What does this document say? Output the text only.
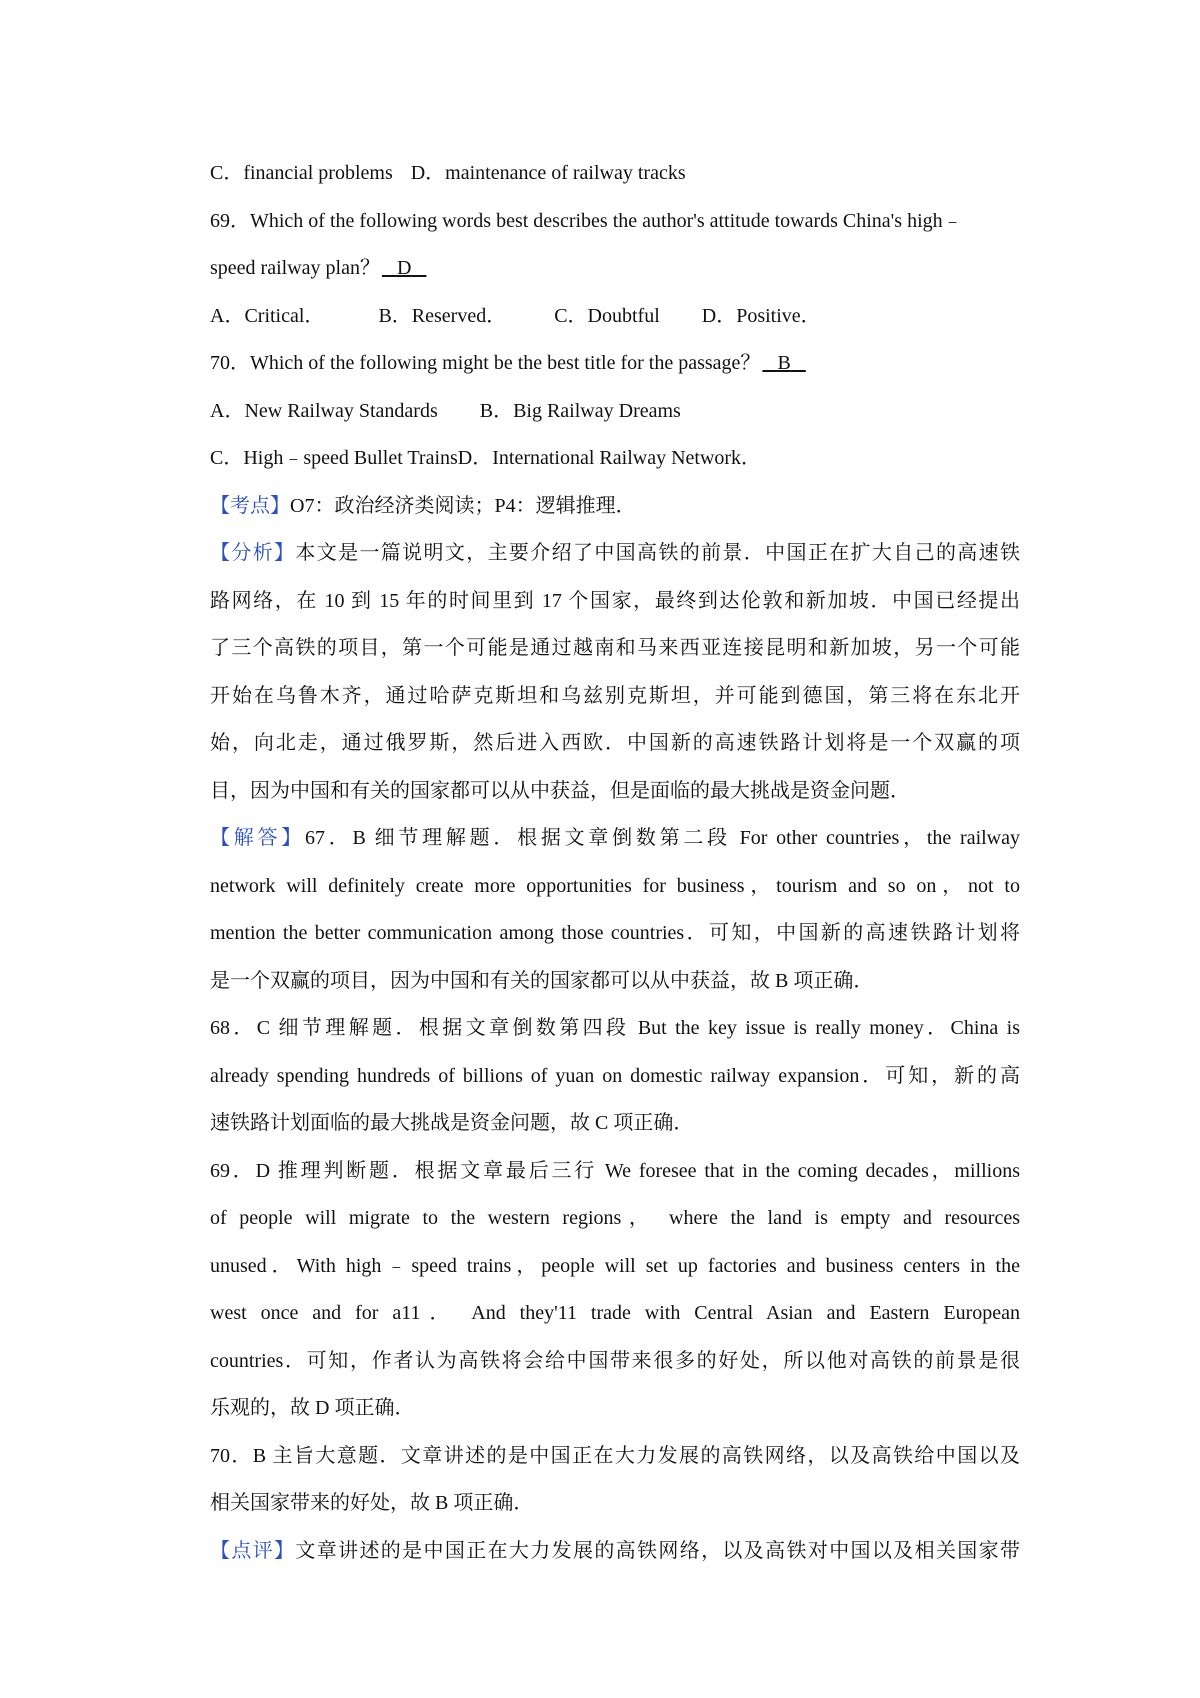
C．financial problems D．maintenance of railway tracks
69．Which of the following words best describes the author's attitude towards China's high﹣
speed railway plan？ D
A．Critical．	B．Reserved． C．Doubtful D．Positive．
70．Which of the following might be the best title for the passage？ B
A．New Railway Standards B．Big Railway Dreams
C．High﹣speed Bullet TrainsD．International Railway Network．
【考点】O7：政治经济类阅读；P4：逻辑推理．
【分析】本文是一篇说明文，主要介绍了中国高铁的前景．中国正在扩大自己的高速铁
路网络，在 10 到 15 年的时间里到 17 个国家，最终到达伦敦和新加坡．中国已经提出
了三个高铁的项目，第一个可能是通过越南和马来西亚连接昆明和新加坡，另一个可能
开始在乌鲁木齐，通过哈萨克斯坦和乌兹别克斯坦，并可能到德国，第三将在东北开
始，向北走，通过俄罗斯，然后进入西欧．中国新的高速铁路计划将是一个双赢的项
目，因为中国和有关的国家都可以从中获益，但是面临的最大挑战是资金问题．
【解答】67．B 细节理解题．根据文章倒数第二段 For other countries，the railway
network will definitely create more opportunities for business，tourism and so on，not to
mention the better communication among those countries．可知，中国新的高速铁路计划将
是一个双赢的项目，因为中国和有关的国家都可以从中获益，故 B 项正确．
68．C 细节理解题．根据文章倒数第四段 But the key issue is really money．China is
already spending hundreds of billions of yuan on domestic railway expansion．可知，新的高
速铁路计划面临的最大挑战是资金问题，故 C 项正确．
69．D 推理判断题．根据文章最后三行 We foresee that in the coming decades，millions
of people will migrate to the western regions， where the land is empty and resources
unused．With high﹣speed trains，people will set up factories and business centers in the
west once and for a11． And they'11 trade with Central Asian and Eastern European
countries．可知，作者认为高铁将会给中国带来很多的好处，所以他对高铁的前景是很
乐观的，故 D 项正确．
70．B 主旨大意题．文章讲述的是中国正在大力发展的高铁网络，以及高铁给中国以及
相关国家带来的好处，故 B 项正确．
【点评】文章讲述的是中国正在大力发展的高铁网络，以及高铁对中国以及相关国家带
